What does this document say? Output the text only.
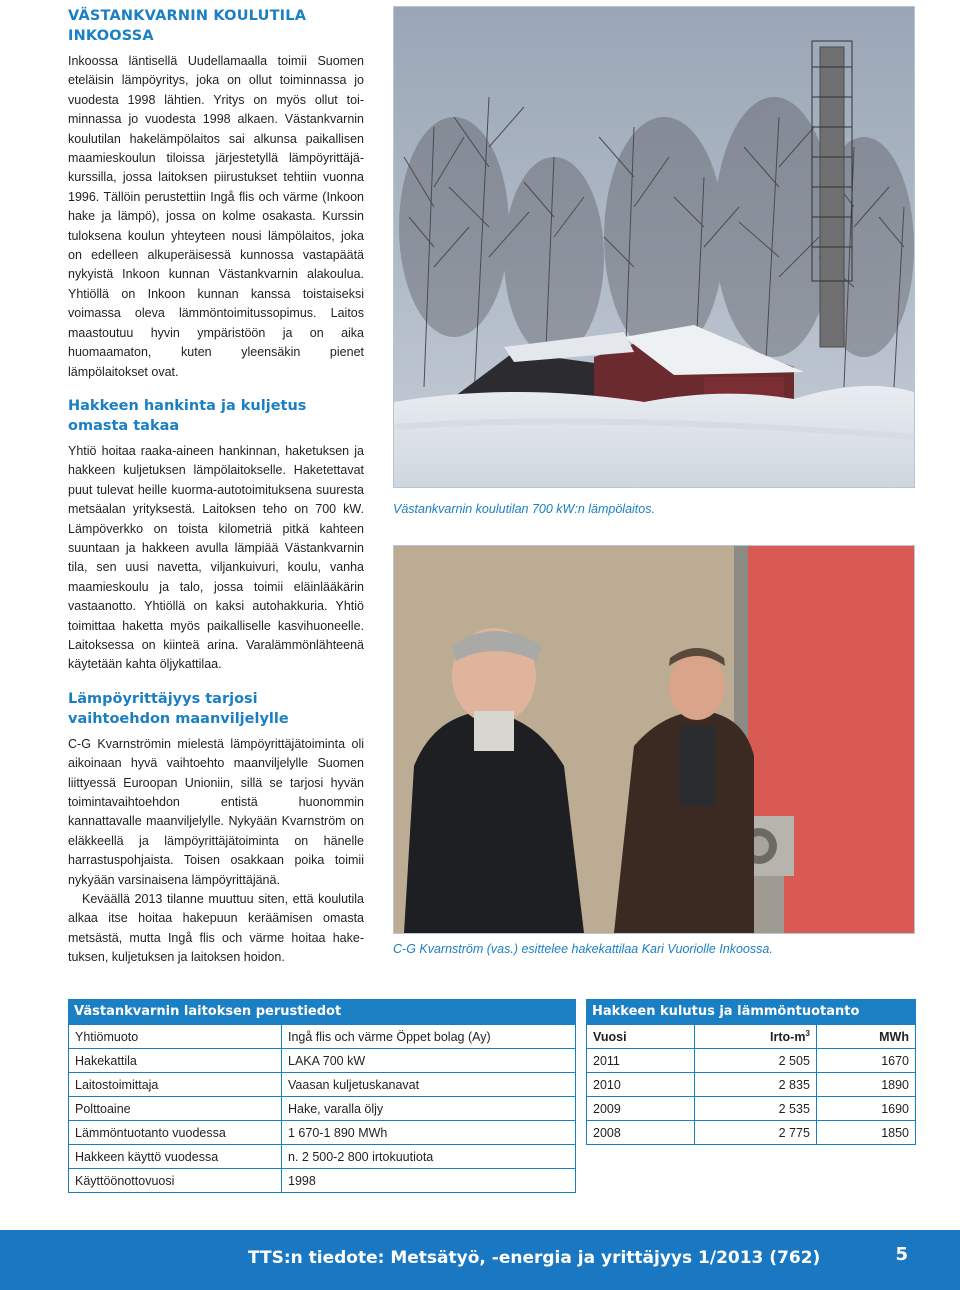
VÄSTANKVARNIN KOULUTILA INKOOSSA

Inkoossa läntisellä Uudellamaalla toimii Suomen eteläisin lämpöyritys, joka on ollut toiminnassa jo vuodesta 1998 lähtien. Yritys on myös ollut toiminnassa jo vuodesta 1998 alkaen. Västankvarnin koulutilan hakelämpölaitos sai alkunsa paikallisen maamieskoulun tiloissa järjestetyllä lämpöyrittäjäkurssilla, jossa laitoksen piirustukset tehtiin vuonna 1996. Tällöin perustettiin Ingå flis och värme (Inkoon hake ja lämpö), jossa on kolme osakasta. Kurssin tuloksena koulun yhteyteen nousi lämpölaitos, joka on edelleen alkuperäisessä kunnossa vastapäätä nykyistä Inkoon kunnan Västankvarnin alakoulua. Yhtiöllä on Inkoon kunnan kanssa toistaiseksi voimassa oleva lämmöntoimitussopimus. Laitos maastoutuu hyvin ympäristöön ja on aika huomaamaton, kuten yleensäkin pienet lämpölaitokset ovat.

Hakkeen hankinta ja kuljetus omasta takaa

Yhtiö hoitaa raaka-aineen hankinnan, haketuksen ja hakkeen kuljetuksen lämpölaitokselle. Haketettavat puut tulevat heille kuorma-autotoimituksena suuresta metsäalan yrityksestä. Laitoksen teho on 700 kW. Lämpöverkko on toista kilometriä pitkä kahteen suuntaan ja hakkeen avulla lämpiää Västankvarnin tila, sen uusi navetta, viljankuivuri, koulu, vanha maamieskoulu ja talo, jossa toimii eläinlääkärin vastaanotto. Yhtiöllä on kaksi autohakkuria. Yhtiö toimittaa haketta myös paikalliselle kasvihuoneelle. Laitoksessa on kiinteä arina. Varalämmönlähteenä käytetään kahta öljykattilaa.

Lämpöyrittäjyys tarjosi vaihtoehdon maanviljelylle

C-G Kvarnströmin mielestä lämpöyrittäjätoiminta oli aikoinaan hyvä vaihtoehto maanviljelylle Suomen liittyessä Euroopan Unioniin, sillä se tarjosi hyvän toimintavaihtoehdon entistä huonommin kannattavalle maanviljelylle. Nykyään Kvarnström on eläkkeellä ja lämpöyrittäjätoiminta on hänelle harrastuspohjaista. Toisen osakkaan poika toimii nykyään varsinaisena lämpöyrittäjänä.

Keväällä 2013 tilanne muuttuu siten, että koulutila alkaa itse hoitaa hakepuun keräämisen omasta metsästä, mutta Ingå flis och värme hoitaa haketuksen, kuljetuksen ja laitoksen hoidon.

Västankvarnin koulutilan 700 kW:n lämpölaitos.
C-G Kvarnström (vas.) esittelee hakekattilaa Kari Vuoriolle Inkoossa.
Västankvarnin laitoksen perustiedot
Yhtiömuoto	Ingå flis och värme Öppet bolag (Ay)
Hakekattila	LAKA 700 kW
Laitostoimittaja	Vaasan kuljetuskanavat
Polttoaine	Hake, varalla öljy
Lämmöntuotanto vuodessa	1 670-1 890 MWh
Hakkeen käyttö vuodessa	n. 2 500-2 800 irtokuutiota
Käyttöönottovuosi	1998
Hakkeen kulutus ja lämmöntuotanto
Vuosi	Irto-$m^3$	MWh
2011	2 505	1670
2010	2 835	1890
2009	2 535	1690
2008	2 775	1850
TTS:n tiedote: Metsätyö, -energia ja yrittäjyys 1/2013 (762)	5
